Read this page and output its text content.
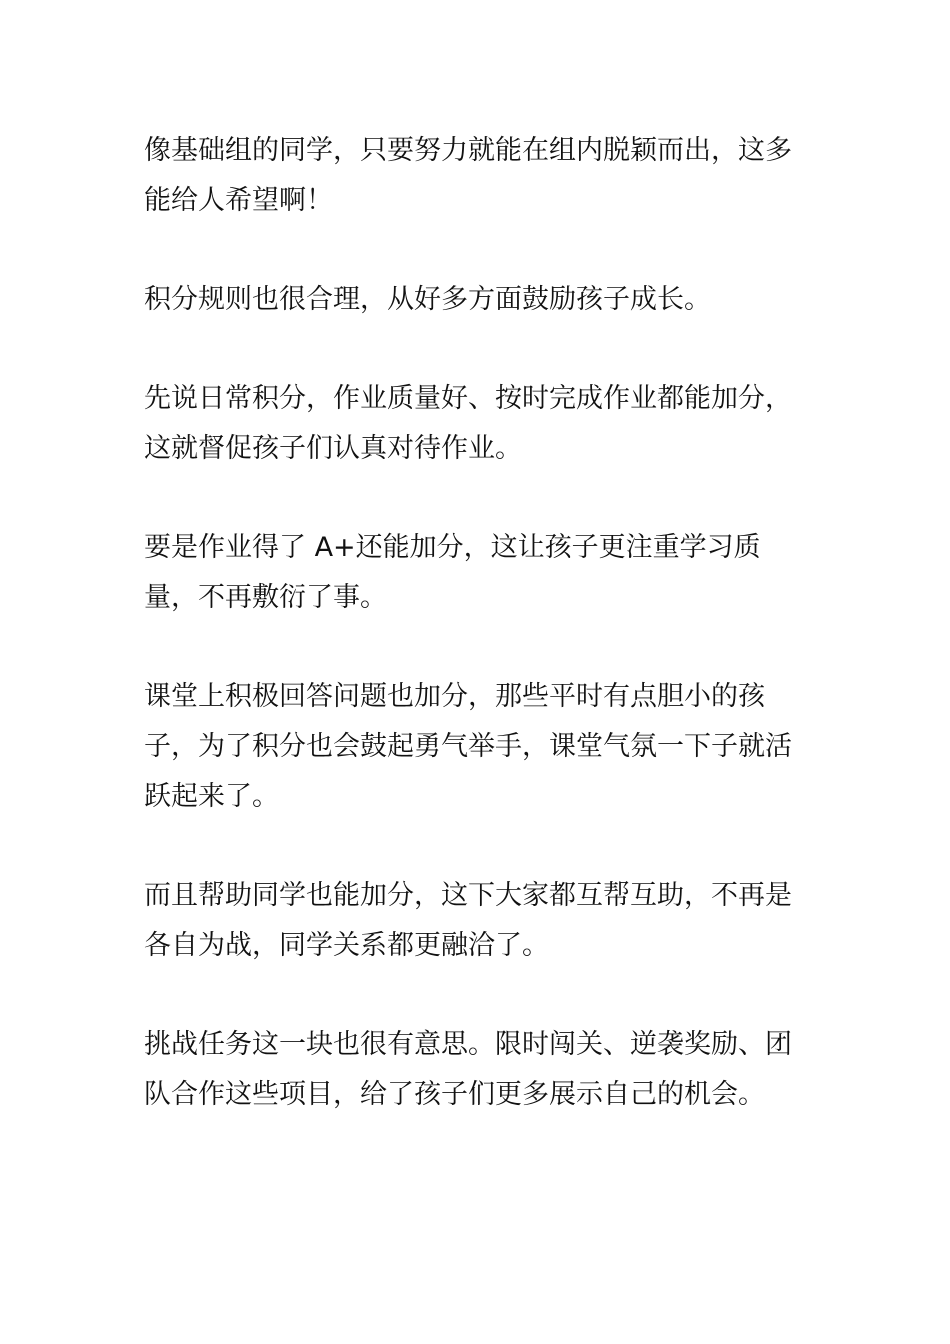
像基础组的同学，只要努力就能在组内脱颖而出，这多能给人希望啊！

积分规则也很合理，从好多方面鼓励孩子成长。

先说日常积分，作业质量好、按时完成作业都能加分，这就督促孩子们认真对待作业。

要是作业得了 A+还能加分，这让孩子更注重学习质量，不再敷衍了事。

课堂上积极回答问题也加分，那些平时有点胆小的孩子，为了积分也会鼓起勇气举手，课堂气氛一下子就活跃起来了。

而且帮助同学也能加分，这下大家都互帮互助，不再是各自为战，同学关系都更融洽了。

挑战任务这一块也很有意思。限时闯关、逆袭奖励、团队合作这些项目，给了孩子们更多展示自己的机会。
